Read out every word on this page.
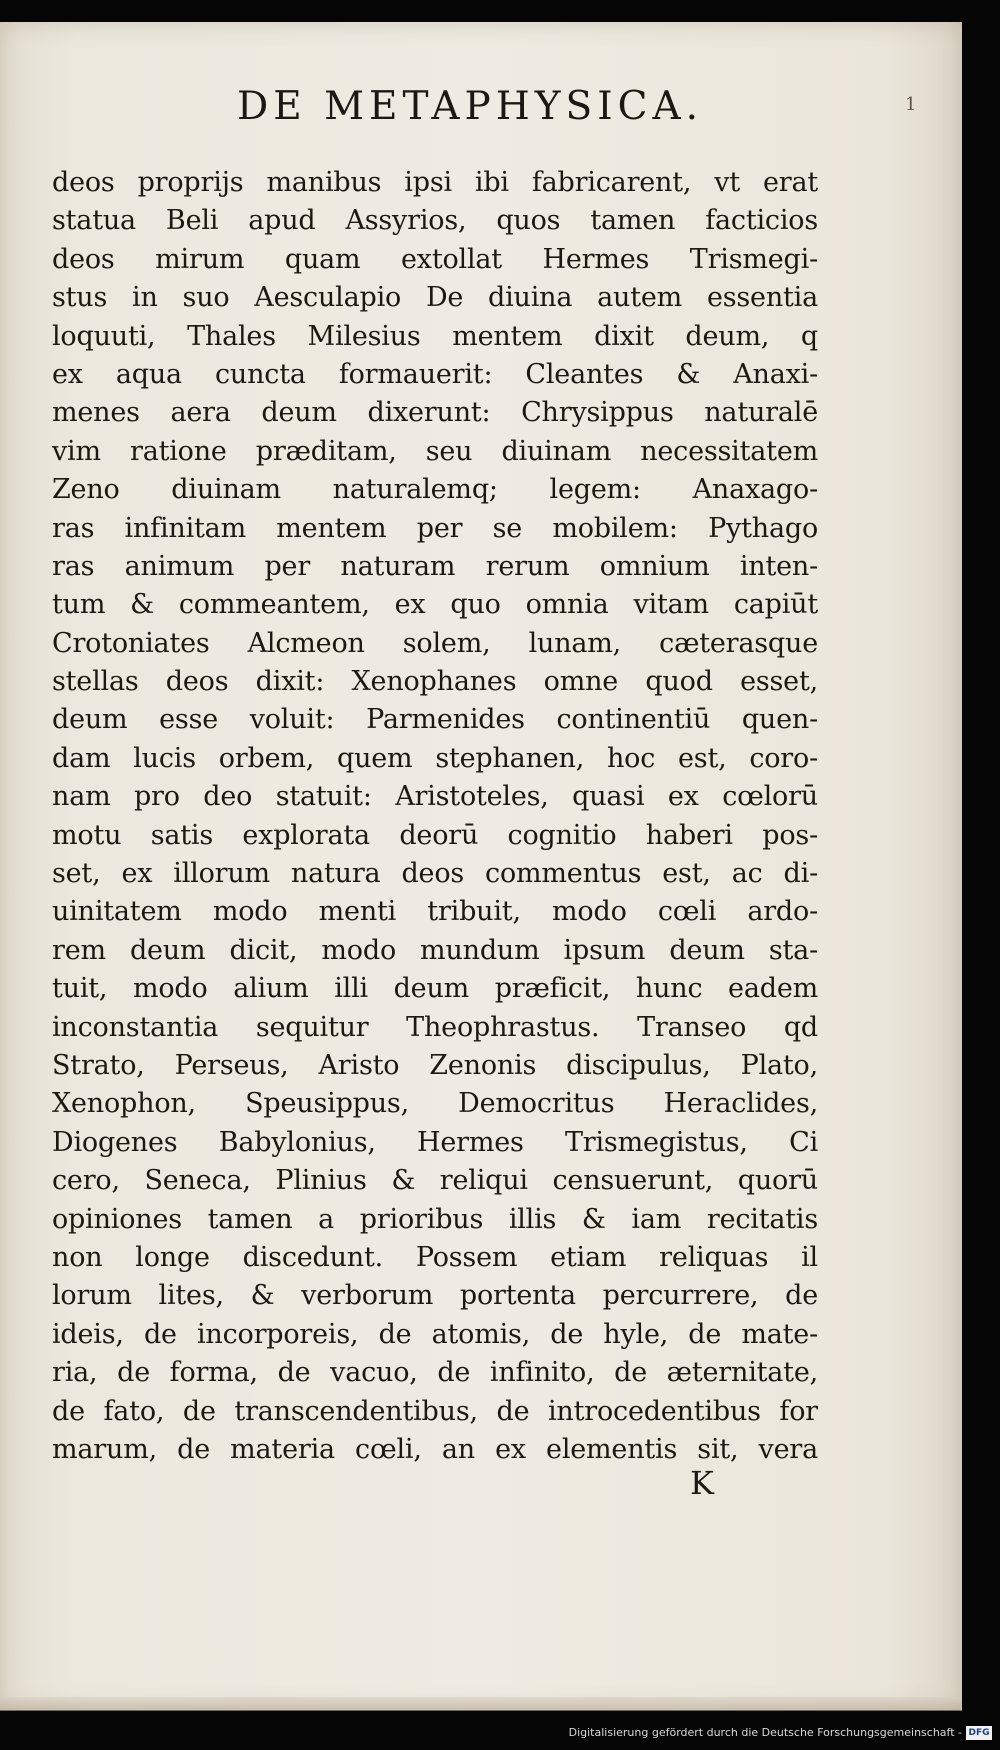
DE METAPHYSICA.	1
deos proprijs manibus ipsi ibi fabricarent, vt erat
statua Beli apud Assyrios, quos tamen facticios
deos mirum quam extollat Hermes Trismegi-
stus in suo Aesculapio De diuina autem essentia
loquuti, Thales Milesius mentem dixit deum, q
ex aqua cuncta formauerit: Cleantes & Anaxi-
menes aera deum dixerunt: Chrysippus naturalē
vim ratione præditam, seu diuinam necessitatem
Zeno diuinam naturalemq; legem: Anaxago-
ras infinitam mentem per se mobilem: Pythago
ras animum per naturam rerum omnium inten-
tum & commeantem, ex quo omnia vitam capiūt
Crotoniates Alcmeon solem, lunam, cæterasque
stellas deos dixit: Xenophanes omne quod esset,
deum esse voluit: Parmenides continentiū quen-
dam lucis orbem, quem stephanen, hoc est, coro-
nam pro deo statuit: Aristoteles, quasi ex cœlorū
motu satis explorata deorū cognitio haberi pos-
set, ex illorum natura deos commentus est, ac di-
uinitatem modo menti tribuit, modo cœli ardo-
rem deum dicit, modo mundum ipsum deum sta-
tuit, modo alium illi deum præficit, hunc eadem
inconstantia sequitur Theophrastus. Transeo qd
Strato, Perseus, Aristo Zenonis discipulus, Plato,
Xenophon, Speusippus, Democritus Heraclides,
Diogenes Babylonius, Hermes Trismegistus, Ci
cero, Seneca, Plinius & reliqui censuerunt, quorū
opiniones tamen a prioribus illis & iam recitatis
non longe discedunt. Possem etiam reliquas il
lorum lites, & verborum portenta percurrere, de
ideis, de incorporeis, de atomis, de hyle, de mate-
ria, de forma, de vacuo, de infinito, de æternitate,
de fato, de transcendentibus, de introcedentibus for
marum, de materia cœli, an ex elementis sit, vera
K
Digitalisierung gefördert durch die Deutsche Forschungsgemeinschaft - DFG
